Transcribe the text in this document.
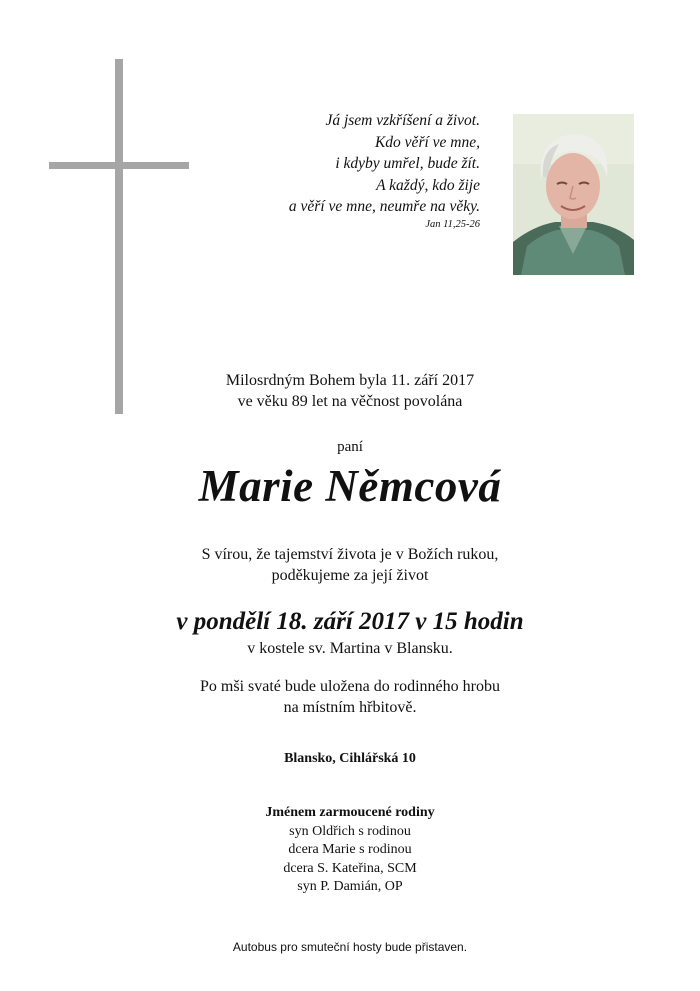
Já jsem vzkříšení a život.
Kdo věří ve mne,
i kdyby umřel, bude žít.
A každý, kdo žije
a věří ve mne, neumře na věky.
Jan 11,25-26
Milosrdným Bohem byla 11. září 2017
ve věku 89 let na věčnost povolána
paní
Marie Němcová
S vírou, že tajemství života je v Božích rukou,
poděkujeme za její život
v pondělí 18. září 2017 v 15 hodin
v kostele sv. Martina v Blansku.
Po mši svaté bude uložena do rodinného hrobu
na místním hřbitově.
Blansko, Cihlářská 10
Jménem zarmoucené rodiny
syn Oldřich s rodinou
dcera Marie s rodinou
dcera S. Kateřina, SCM
syn P. Damián, OP
Autobus pro smuteční hosty bude přistaven.
